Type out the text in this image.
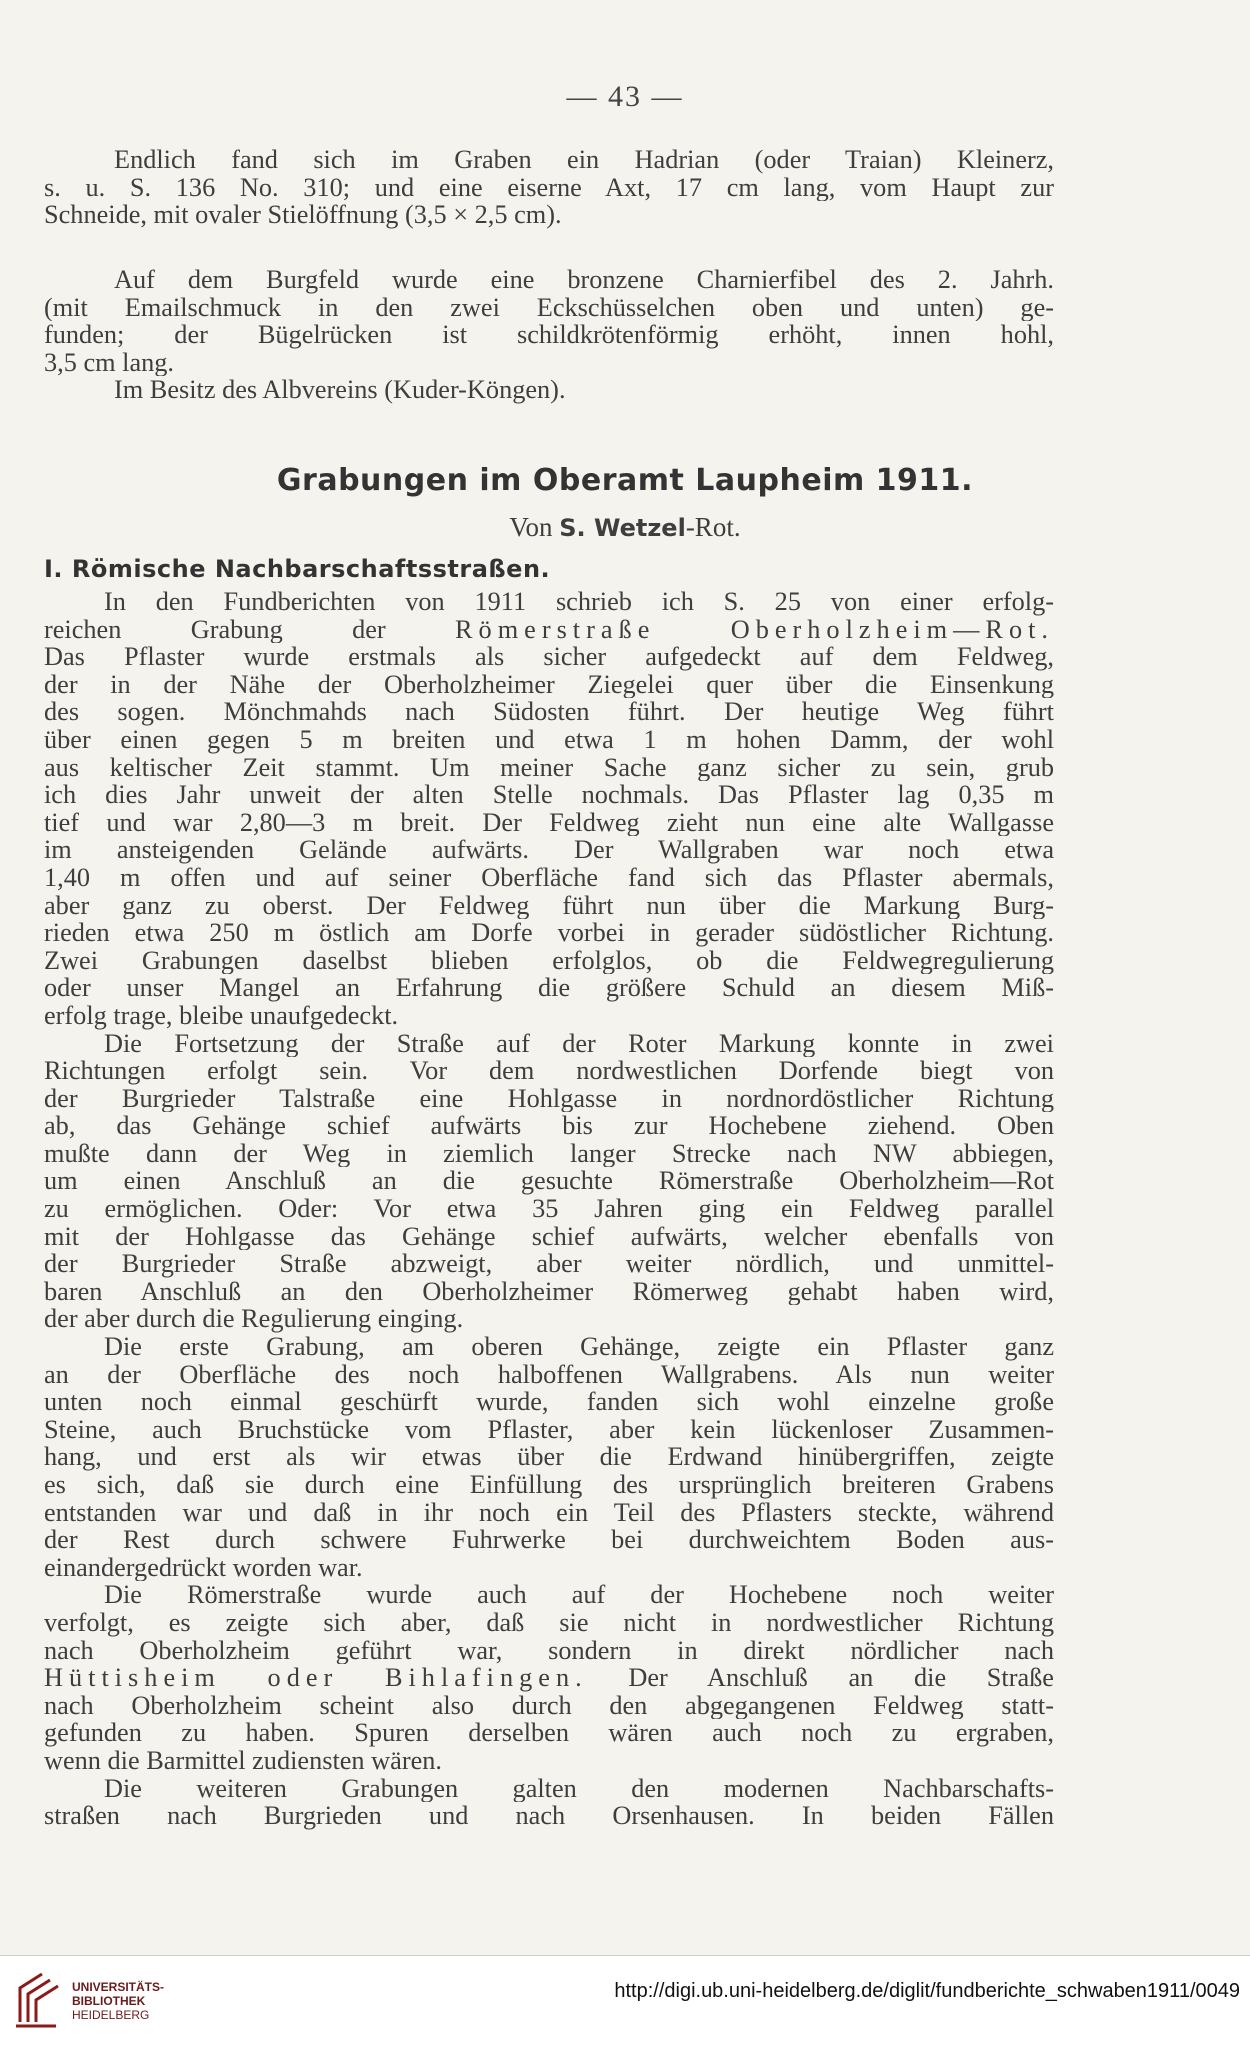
— 43 —
Endlich fand sich im Graben ein Hadrian (oder Traian) Kleinerz,
s. u. S. 136 No. 310; und eine eiserne Axt, 17 cm lang, vom Haupt zur
Schneide, mit ovaler Stielöffnung (3,5 × 2,5 cm).
Auf dem Burgfeld wurde eine bronzene Charnierfibel des 2. Jahrh.
(mit Emailschmuck in den zwei Eckschüsselchen oben und unten) ge-
funden; der Bügelrücken ist schildkrötenförmig erhöht, innen hohl,
3,5 cm lang.
Im Besitz des Albvereins (Kuder-Köngen).
Grabungen im Oberamt Laupheim 1911.
Von S. Wetzel-Rot.
I. Römische Nachbarschaftsstraßen.
In den Fundberichten von 1911 schrieb ich S. 25 von einer erfolg-
reichen Grabung der	Römerstraße Oberholzheim—Rot.
Das Pflaster wurde erstmals als sicher aufgedeckt auf dem Feldweg,
der in der Nähe der Oberholzheimer Ziegelei quer über die Einsenkung
des sogen. Mönchmahds nach Südosten führt. Der heutige Weg führt
über einen gegen 5 m breiten und etwa 1 m hohen Damm, der wohl
aus keltischer Zeit stammt. Um meiner Sache ganz sicher zu sein, grub
ich dies Jahr unweit der alten Stelle nochmals. Das Pflaster lag 0,35 m
tief und war 2,80—3 m breit. Der Feldweg zieht nun eine alte Wallgasse
im ansteigenden Gelände aufwärts. Der Wallgraben war noch etwa
1,40 m offen und auf seiner Oberfläche fand sich das Pflaster abermals,
aber ganz zu oberst. Der Feldweg führt nun über die Markung Burg-
rieden etwa 250 m östlich am Dorfe vorbei in gerader südöstlicher Richtung.
Zwei Grabungen daselbst blieben erfolglos, ob die Feldwegregulierung
oder unser Mangel an Erfahrung die größere Schuld an diesem Miß-
erfolg trage, bleibe unaufgedeckt.
Die Fortsetzung der Straße auf der Roter Markung konnte in zwei
Richtungen erfolgt sein. Vor dem nordwestlichen Dorfende biegt von
der Burgrieder Talstraße eine Hohlgasse in nordnordöstlicher Richtung
ab, das Gehänge schief aufwärts bis zur Hochebene ziehend. Oben
mußte dann der Weg in ziemlich langer Strecke nach NW abbiegen,
um einen Anschluß an die gesuchte Römerstraße Oberholzheim—Rot
zu ermöglichen. Oder: Vor etwa 35 Jahren ging ein Feldweg parallel
mit der Hohlgasse das Gehänge schief aufwärts, welcher ebenfalls von
der Burgrieder Straße abzweigt, aber weiter nördlich, und unmittel-
baren Anschluß an den Oberholzheimer Römerweg gehabt haben wird,
der aber durch die Regulierung einging.
Die erste Grabung, am oberen Gehänge, zeigte ein Pflaster ganz
an der Oberfläche des noch halboffenen Wallgrabens. Als nun weiter
unten noch einmal geschürft wurde, fanden sich wohl einzelne große
Steine, auch Bruchstücke vom Pflaster, aber kein lückenloser Zusammen-
hang, und erst als wir etwas über die Erdwand hinübergriffen, zeigte
es sich, daß sie durch eine Einfüllung des ursprünglich breiteren Grabens
entstanden war und daß in ihr noch ein Teil des Pflasters steckte, während
der Rest durch schwere Fuhrwerke bei durchweichtem Boden aus-
einandergedrückt worden war.
Die Römerstraße wurde auch auf der Hochebene noch weiter
verfolgt, es zeigte sich aber, daß sie nicht in nordwestlicher Richtung
nach Oberholzheim geführt war, sondern in direkt nördlicher nach
Hüttisheim oder Bihlafingen. Der Anschluß an die Straße
nach Oberholzheim scheint also durch den abgegangenen Feldweg statt-
gefunden zu haben. Spuren derselben wären auch noch zu ergraben,
wenn die Barmittel zudiensten wären.
Die weiteren Grabungen galten den modernen Nachbarschafts-
straßen nach Burgrieden und nach Orsenhausen. In beiden Fällen
UNIVERSITÄTS-
BIBLIOTHEK
HEIDELBERG
http://digi.ub.uni-heidelberg.de/diglit/fundberichte_schwaben1911/0049
